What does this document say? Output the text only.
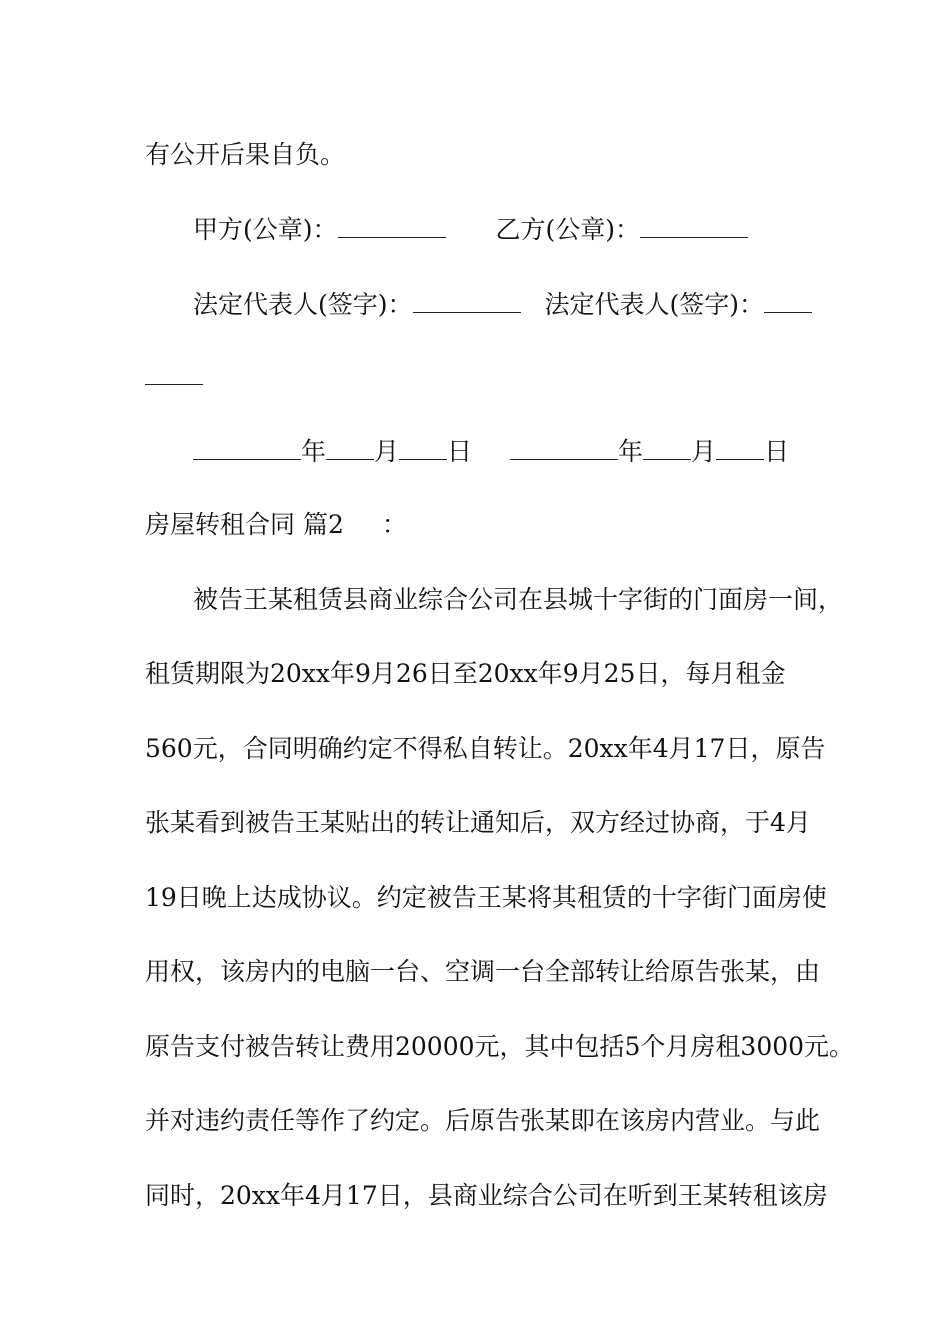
有公开后果自负。
甲方(公章)：	乙方(公章)：
法定代表人(签字)：	法定代表人(签字)：
年 月 日	年 月 日
房屋转租合同 篇2 ：
被告王某租赁县商业综合公司在县城十字街的门面房一间，
租赁期限为20xx年9月26日至20xx年9月25日，每月租金
560元，合同明确约定不得私自转让。20xx年4月17日，原告
张某看到被告王某贴出的转让通知后，双方经过协商，于4月
19日晚上达成协议。约定被告王某将其租赁的十字街门面房使
用权，该房内的电脑一台、空调一台全部转让给原告张某，由
原告支付被告转让费用20000元，其中包括5个月房租3000元。
并对违约责任等作了约定。后原告张某即在该房内营业。与此
同时，20xx年4月17日，县商业综合公司在听到王某转租该房
